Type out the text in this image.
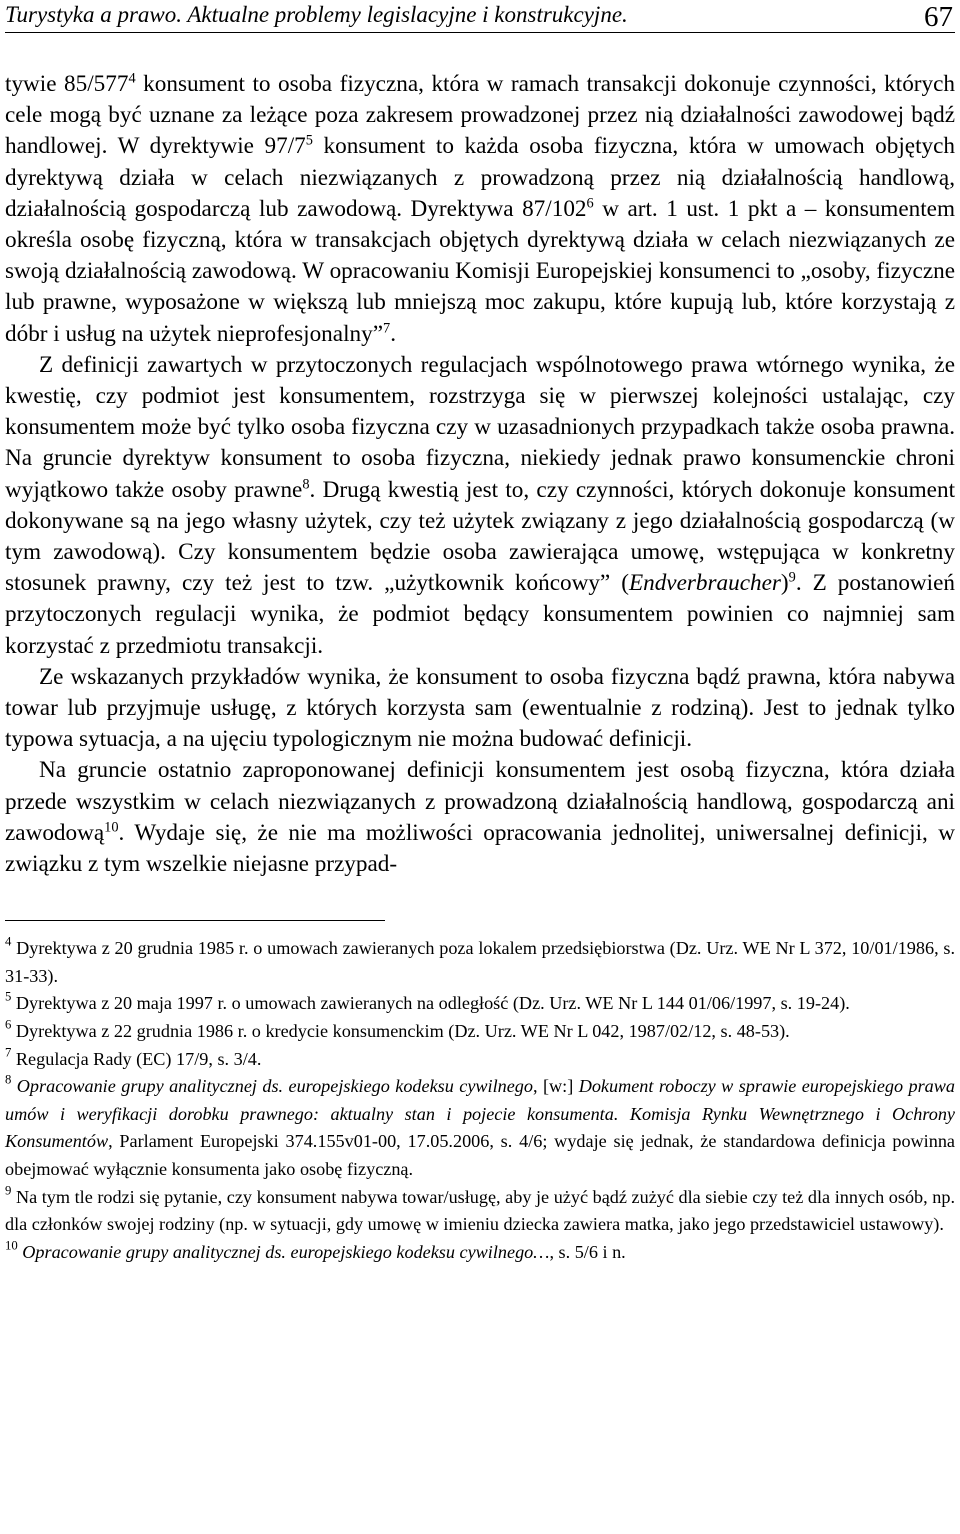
Turystyka a prawo. Aktualne problemy legislacyjne i konstrukcyjne.	67

tywie $85/577^4$ konsument to osoba fizyczna, która w ramach transakcji dokonuje czynności, których cele mogą być uznane za leżące poza zakresem prowadzonej przez nią działalności zawodowej bądź handlowej. W dyrektywie $97/7^5$ konsument to każda osoba fizyczna, która w umowach objętych dyrektywą działa w celach niezwiązanych z prowadzoną przez nią działalnością handlową, działalnością gospodarczą lub zawodową. Dyrektywa $87/102^6$ w art. 1 ust. 1 pkt a – konsumentem określa osobę fizyczną, która w transakcjach objętych dyrektywą działa w celach niezwiązanych ze swoją działalnością zawodową. W opracowaniu Komisji Europejskiej konsumenci to „osoby, fizyczne lub prawne, wyposażone w większą lub mniejszą moc zakupu, które kupują lub, które korzystają z dóbr i usług na użytek nieprofesjonalny”$^7$.

Z definicji zawartych w przytoczonych regulacjach wspólnotowego prawa wtórnego wynika, że kwestię, czy podmiot jest konsumentem, rozstrzyga się w pierwszej kolejności ustalając, czy konsumentem może być tylko osoba fizyczna czy w uzasadnionych przypadkach także osoba prawna. Na gruncie dyrektyw konsument to osoba fizyczna, niekiedy jednak prawo konsumenckie chroni wyjątkowo także osoby prawne$^8$. Drugą kwestią jest to, czy czynności, których dokonuje konsument dokonywane są na jego własny użytek, czy też użytek związany z jego działalnością gospodarczą (w tym zawodową). Czy konsumentem będzie osoba zawierająca umowę, wstępująca w konkretny stosunek prawny, czy też jest to tzw. „użytkownik końcowy” (Endverbraucher)$^9$. Z postanowień przytoczonych regulacji wynika, że podmiot będący konsumentem powinien co najmniej sam korzystać z przedmiotu transakcji.

Ze wskazanych przykładów wynika, że konsument to osoba fizyczna bądź prawna, która nabywa towar lub przyjmuje usługę, z których korzysta sam (ewentualnie z rodziną). Jest to jednak tylko typowa sytuacja, a na ujęciu typologicznym nie można budować definicji.

Na gruncie ostatnio zaproponowanej definicji konsumentem jest osobą fizyczna, która działa przede wszystkim w celach niezwiązanych z prowadzoną działalnością handlową, gospodarczą ani zawodową$^{10}$. Wydaje się, że nie ma możliwości opracowania jednolitej, uniwersalnej definicji, w związku z tym wszelkie niejasne przypad-

$^4$ Dyrektywa z 20 grudnia 1985 r. o umowach zawieranych poza lokalem przedsiębiorstwa (Dz. Urz. WE Nr L 372, 10/01/1986, s. 31-33).

$^5$ Dyrektywa z 20 maja 1997 r. o umowach zawieranych na odległość (Dz. Urz. WE Nr L 144 01/06/1997, s. 19-24).

$^6$ Dyrektywa z 22 grudnia 1986 r. o kredycie konsumenckim (Dz. Urz. WE Nr L 042, 1987/02/12, s. 48-53).

$^7$ Regulacja Rady (EC) 17/9, s. 3/4.

$^8$ Opracowanie grupy analitycznej ds. europejskiego kodeksu cywilnego, [w:] Dokument roboczy w sprawie europejskiego prawa umów i weryfikacji dorobku prawnego: aktualny stan i pojecie konsumenta. Komisja Rynku Wewnętrznego i Ochrony Konsumentów, Parlament Europejski 374.155v01-00, 17.05.2006, s. 4/6; wydaje się jednak, że standardowa definicja powinna obejmować wyłącznie konsumenta jako osobę fizyczną.

$^9$ Na tym tle rodzi się pytanie, czy konsument nabywa towar/usługę, aby je użyć bądź zużyć dla siebie czy też dla innych osób, np. dla członków swojej rodziny (np. w sytuacji, gdy umowę w imieniu dziecka zawiera matka, jako jego przedstawiciel ustawowy).

$^{10}$ Opracowanie grupy analitycznej ds. europejskiego kodeksu cywilnego…, s. 5/6 i n.
